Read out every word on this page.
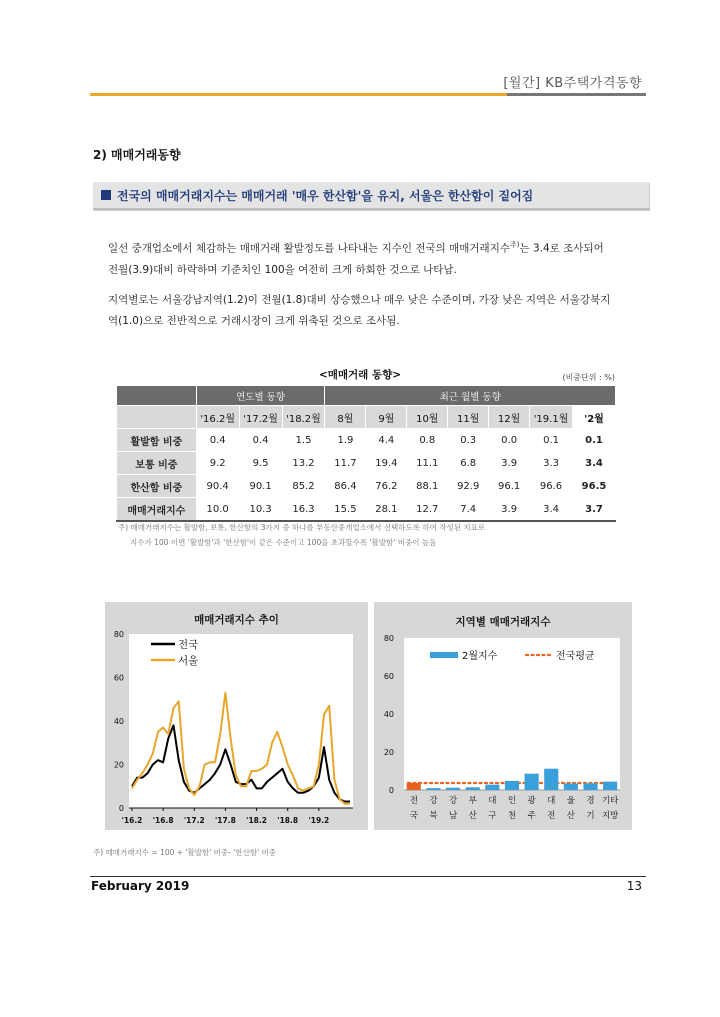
[월간] KB주택가격동향
2) 매매거래동향
전국의 매매거래지수는 매매거래 '매우 한산함'을 유지, 서울은 한산함이 짙어짐
일선 중개업소에서 체감하는 매매거래 활발정도를 나타내는 지수인 전국의 매매거래지수$^{주)}$는 3.4로 조사되어
전월(3.9)대비 하락하며 기준치인 100을 여전히 크게 하회한 것으로 나타남.
지역별로는 서울강남지역(1.2)이 전월(1.8)대비 상승했으나 매우 낮은 수준이며, 가장 낮은 지역은 서울강북지
역(1.0)으로 전반적으로 거래시장이 크게 위축된 것으로 조사됨.
<매매거래 동향>	(비중단위 : %)
	연도별 동향			최근 월별 동향						
	'16.2월	'17.2월	'18.2월	8월	9월	10월	11월	12월	'19.1월	'2월
활발함 비중	0.4	0.4	1.5	1.9	4.4	0.8	0.3	0.0	0.1	0.1
보통 비중	9.2	9.5	13.2	11.7	19.4	11.1	6.8	3.9	3.3	3.4
한산함 비중	90.4	90.1	85.2	86.4	76.2	88.1	92.9	96.1	96.6	96.5
매매거래지수	10.0	10.3	16.3	15.5	28.1	12.7	7.4	3.9	3.4	3.7
주) 매매거래지수는 활발함, 보통, 한산함의 3가지 중 하나를 부동산중개업소에서 선택하도록 하여 작성된 지표로
지수가 100 이면 '활발함'과 '한산함'이 같은 수준이고 100을 초과할수록 '활발함' 비중이 높음
매매거래지수 추이
0
20
40
60
80
'16.2 '16.8 '17.2 '17.8 '18.2 '18.8 '19.2
전국
서울
지역별 매매거래지수
0
20
40
60
80
전
국
강
북
강
남
부
산
대
구
인
천
광
주
대
전
울
산
경
기
기타
지방
2월지수	전국평균
주) 매매거래지수 = 100 + '활발함' 비중- '한산함' 비중
February 2019	13
